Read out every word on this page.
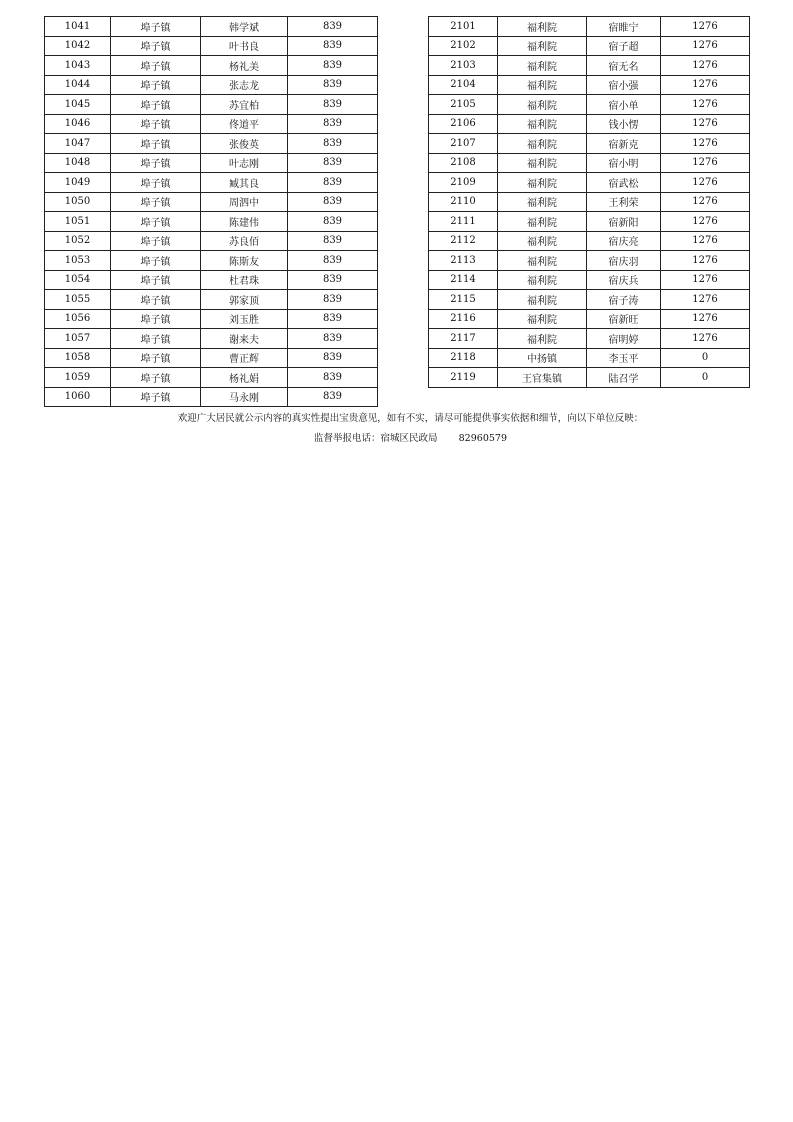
1041	埠子镇	韩学斌	839
1042	埠子镇	叶书良	839
1043	埠子镇	杨礼美	839
1044	埠子镇	张志龙	839
1045	埠子镇	苏宜柏	839
1046	埠子镇	佟道平	839
1047	埠子镇	张俊英	839
1048	埠子镇	叶志刚	839
1049	埠子镇	臧其良	839
1050	埠子镇	周泗中	839
1051	埠子镇	陈建伟	839
1052	埠子镇	苏良佰	839
1053	埠子镇	陈斯友	839
1054	埠子镇	杜君珠	839
1055	埠子镇	郭家顶	839
1056	埠子镇	刘玉胜	839
1057	埠子镇	谢来夫	839
1058	埠子镇	曹正辉	839
1059	埠子镇	杨礼娟	839
1060	埠子镇	马永刚	839
2101	福利院	宿睢宁	1276
2102	福利院	宿子超	1276
2103	福利院	宿无名	1276
2104	福利院	宿小强	1276
2105	福利院	宿小单	1276
2106	福利院	钱小愣	1276
2107	福利院	宿新克	1276
2108	福利院	宿小明	1276
2109	福利院	宿武松	1276
2110	福利院	王利荣	1276
2111	福利院	宿新阳	1276
2112	福利院	宿庆亮	1276
2113	福利院	宿庆羽	1276
2114	福利院	宿庆兵	1276
2115	福利院	宿子涛	1276
2116	福利院	宿新旺	1276
2117	福利院	宿明婷	1276
2118	中扬镇	李玉平	0
2119	王官集镇	陆召学	0
欢迎广大居民就公示内容的真实性提出宝贵意见，如有不实，请尽可能提供事实依据和细节，向以下单位反映：
监督举报电话：宿城区民政局       82960579
